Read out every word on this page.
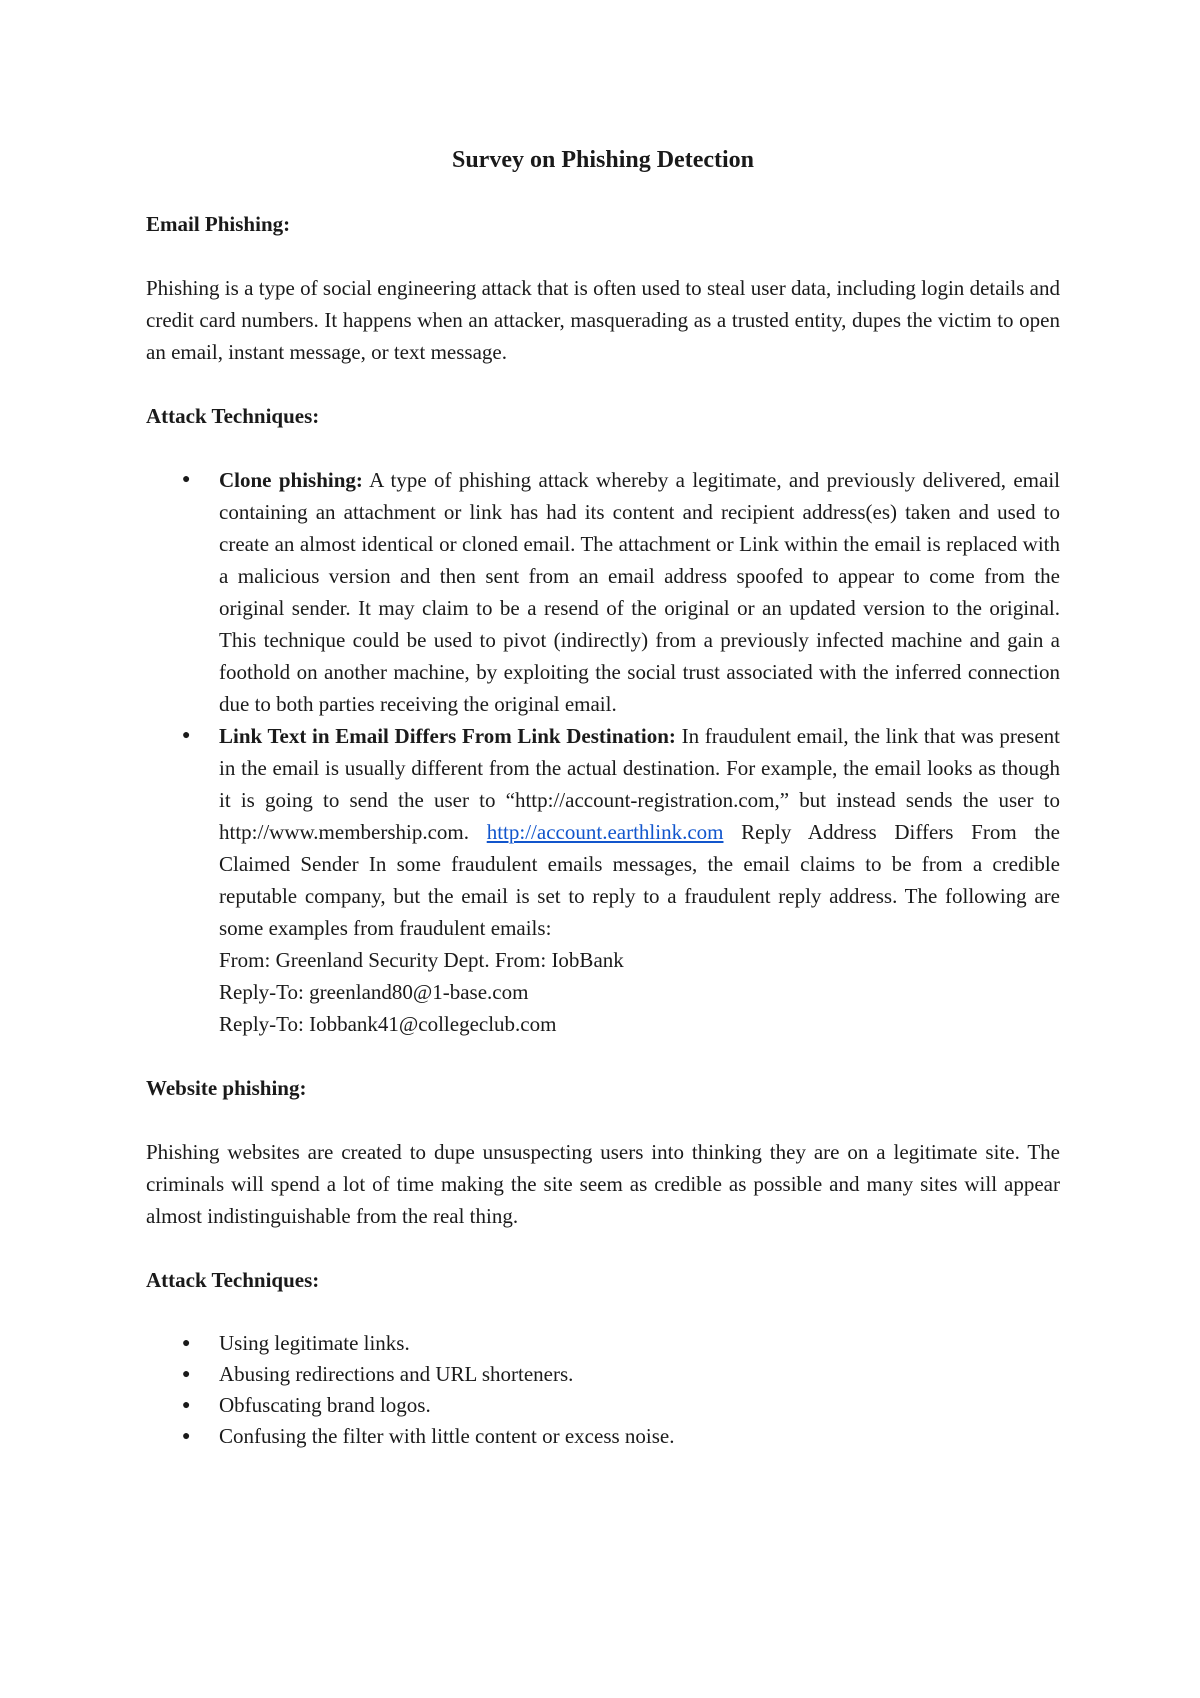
Survey on Phishing Detection
Email Phishing:
Phishing is a type of social engineering attack that is often used to steal user data, including login details and credit card numbers. It happens when an attacker, masquerading as a trusted entity, dupes the victim to open an email, instant message, or text message.
Attack Techniques:
● Clone phishing: A type of phishing attack whereby a legitimate, and previously delivered, email containing an attachment or link has had its content and recipient address(es) taken and used to create an almost identical or cloned email. The attachment or Link within the email is replaced with a malicious version and then sent from an email address spoofed to appear to come from the original sender. It may claim to be a resend of the original or an updated version to the original. This technique could be used to pivot (indirectly) from a previously infected machine and gain a foothold on another machine, by exploiting the social trust associated with the inferred connection due to both parties receiving the original email.
● Link Text in Email Differs From Link Destination: In fraudulent email, the link that was present in the email is usually different from the actual destination. For example, the email looks as though it is going to send the user to “http://account-registration.com,” but instead sends the user to http://www.membership.com. http://account.earthlink.com Reply Address Differs From the Claimed Sender In some fraudulent emails messages, the email claims to be from a credible reputable company, but the email is set to reply to a fraudulent reply address. The following are some examples from fraudulent emails:
From: Greenland Security Dept. From: IobBank
Reply-To: greenland80@1-base.com
Reply-To: Iobbank41@collegeclub.com
Website phishing:
Phishing websites are created to dupe unsuspecting users into thinking they are on a legitimate site. The criminals will spend a lot of time making the site seem as credible as possible and many sites will appear almost indistinguishable from the real thing.
Attack Techniques:
● Using legitimate links.
● Abusing redirections and URL shorteners.
● Obfuscating brand logos.
● Confusing the filter with little content or excess noise.
